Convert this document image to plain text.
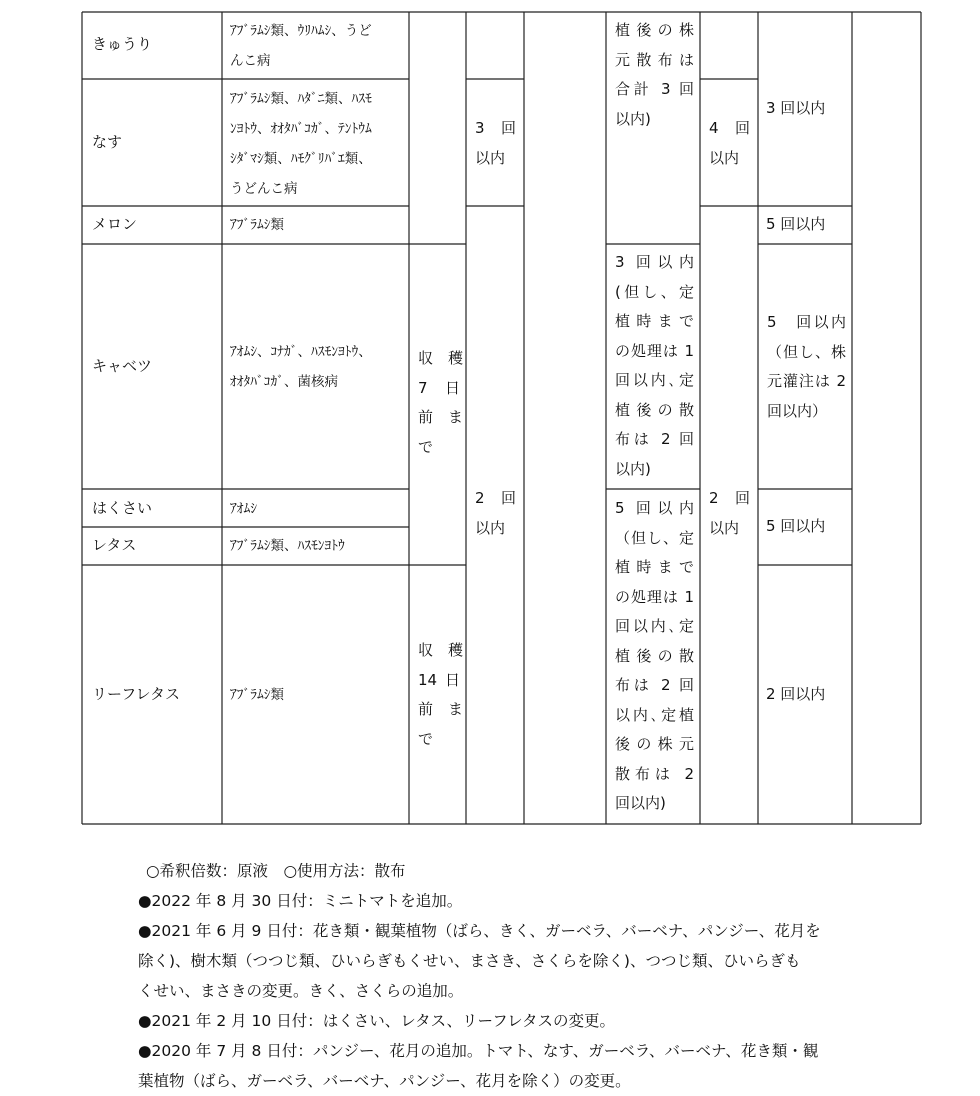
きゅうり
なす
メロン
キャベツ
はくさい
レタス
リーフレタス
ｱﾌﾞﾗﾑｼ類、ｳﾘﾊﾑｼ、うど
んこ病
ｱﾌﾞﾗﾑｼ類、ﾊﾀﾞﾆ類、ﾊｽﾓ
ﾝﾖﾄｳ、ｵｵﾀﾊﾞｺｶﾞ、ﾃﾝﾄｳﾑ
ｼﾀﾞﾏｼ類、ﾊﾓｸﾞﾘﾊﾞｴ類、
うどんこ病
ｱﾌﾞﾗﾑｼ類
ｱｵﾑｼ、ｺﾅｶﾞ、ﾊｽﾓﾝﾖﾄｳ、
ｵｵﾀﾊﾞｺｶﾞ、菌核病
ｱｵﾑｼ
ｱﾌﾞﾗﾑｼ類、ﾊｽﾓﾝﾖﾄｳ
ｱﾌﾞﾗﾑｼ類
収　穫
7　日
前　ま
で
収　穫
14 日
前　ま
で
3　回
以内
2　回
以内
植後の株
元散布は
合計 3 回
以内)
3 回以内
(但し、定
植時まで
の処理は 1
回以内､定
植後の散
布は 2 回
以内)
5 回以内
（但し、定
植時まで
の処理は 1
回以内､定
植後の散
布は 2 回
以内､定植
後の株元
散布は 2
回以内)
4　回
以内
2　回
以内
3 回以内
5 回以内
5　回以内
（但し、株
元灌注は 2
回以内）
5 回以内
2 回以内

○希釈倍数：原液　○使用方法：散布

●2022 年 8 月 30 日付：ミニトマトを追加。

●2021 年 6 月 9 日付：花き類・観葉植物（ばら、きく、ガーベラ、バーベナ、パンジー、花月を

除く)、樹木類（つつじ類、ひいらぎもくせい、まさき、さくらを除く)、つつじ類、ひいらぎも

くせい、まさきの変更。きく、さくらの追加。

●2021 年 2 月 10 日付：はくさい、レタス、リーフレタスの変更。

●2020 年 7 月 8 日付：パンジー、花月の追加。トマト、なす、ガーベラ、バーベナ、花き類・観

葉植物（ばら、ガーベラ、バーベナ、パンジー、花月を除く）の変更。
